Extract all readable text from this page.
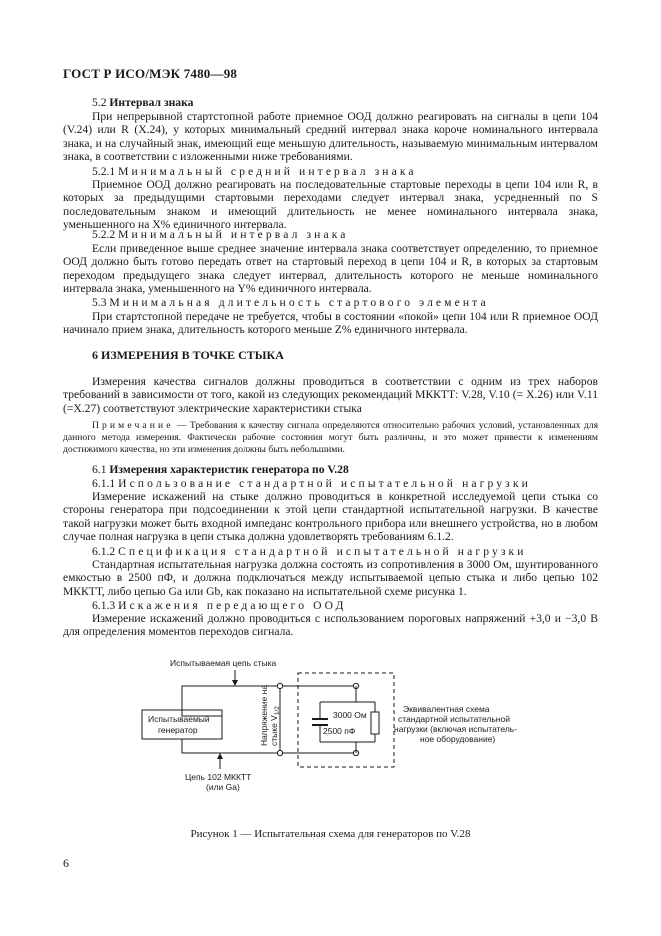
ГОСТ Р ИСО/МЭК 7480—98

5.2 Интервал знака

При непрерывной стартстопной работе приемное ООД должно реагировать на сигналы в цепи 104 (V.24) или R (X.24), у которых минимальный средний интервал знака короче номинального интервала знака, и на случайный знак, имеющий еще меньшую длительность, называемую минимальным интервалом знака, в соответствии с изложенными ниже требованиями.

5.2.1 Минимальный средний интервал знака

Приемное ООД должно реагировать на последовательные стартовые переходы в цепи 104 или R, в которых за предыдущими стартовыми переходами следует интервал знака, усредненный по S последовательным знаком и имеющий длительность не менее номинального интервала знака, уменьшенного на X% единичного интервала.

5.2.2 Минимальный интервал знака

Если приведенное выше среднее значение интервала знака соответствует определению, то приемное ООД должно быть готово передать ответ на стартовый переход в цепи 104 и R, в которых за стартовым переходом предыдущего знака следует интервал, длительность которого не меньше номинального интервала знака, уменьшенного на Y% единичного интервала.

5.3 Минимальная длительность стартового элемента

При стартстопной передаче не требуется, чтобы в состоянии «покой» цепи 104 или R приемное ООД начинало прием знака, длительность которого меньше Z% единичного интервала.

6 ИЗМЕРЕНИЯ В ТОЧКЕ СТЫКА

Измерения качества сигналов должны проводиться в соответствии с одним из трех наборов требований в зависимости от того, какой из следующих рекомендаций МККТТ: V.28, V.10 (= X.26) или V.11 (=X.27) соответствуют электрические характеристики стыка

Примечание — Требования к качеству сигнала определяются относительно рабочих условий, установленных для данного метода измерения. Фактически рабочие состояния могут быть различны, и это может привести к изменениям достижимого качества, но эти изменения должны быть небольшими.

6.1 Измерения характеристик генератора по V.28

6.1.1 Использование стандартной испытательной нагрузки

Измерение искажений на стыке должно проводиться в конкретной исследуемой цепи стыка со стороны генератора при подсоединении к этой цепи стандартной испытательной нагрузки. В качестве такой нагрузки может быть входной импеданс контрольного прибора или внешнего устройства, но в любом случае полная нагрузка в цепи стыка должна удовлетворять требованиям 6.1.2.

6.1.2 Спецификация стандартной испытательной нагрузки

Стандартная испытательная нагрузка должна состоять из сопротивления в 3000 Ом, шунтированного емкостью в 2500 пФ, и должна подключаться между испытываемой цепью стыка и либо цепью 102 МККТТ, либо цепью Ga или Gb, как показано на испытательной схеме рисунка 1.

6.1.3 Искажения передающего ООД

Измерение искажений должно проводиться с использованием пороговых напряжений +3,0 и −3,0 В для определения моментов переходов сигнала.

Испытываемая цепь стыка
Испытываемый
генератор	Напряжение на стыке $V_{1/2}$	3000 Ом
2500 пФ
Эквивалентная схема
стандартной испытательной
нагрузки (включая испытатель-
ное оборудование)
Цепь 102 МККТТ
(или Ga)
Рисунок 1 — Испытательная схема для генераторов по V.28
6
